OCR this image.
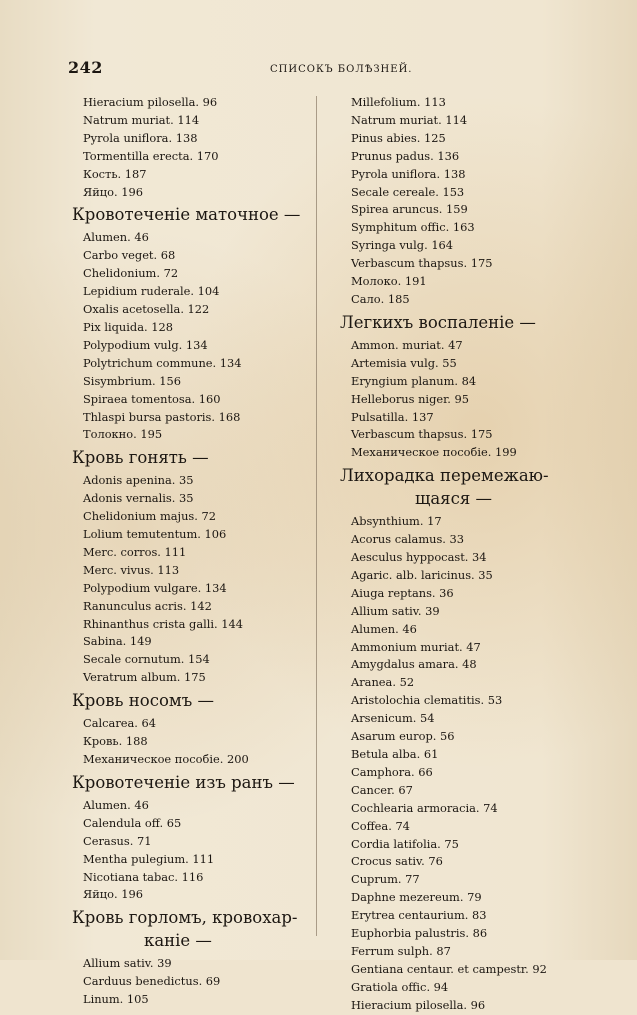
242	СПИСОКЪ БОЛѢЗНЕЙ.
Hieracium pilosella. 96
Natrum muriat. 114
Pyrola uniflora. 138
Tormentilla erecta. 170
Кость. 187
Яйцо. 196
Кровотеченіе маточное —
Alumen. 46
Carbo veget. 68
Chelidonium. 72
Lepidium ruderale. 104
Oxalis acetosella. 122
Pix liquida. 128
Polypodium vulg. 134
Polytrichum commune. 134
Sisymbrium. 156
Spiraea tomentosa. 160
Thlaspi bursa pastoris. 168
Толокно. 195
Кровь гонять —
Adonis apenina. 35
Adonis vernalis. 35
Chelidonium majus. 72
Lolium temutentum. 106
Merc. corros. 111
Merc. vivus. 113
Polypodium vulgare. 134
Ranunculus acris. 142
Rhinanthus crista galli. 144
Sabina. 149
Secale cornutum. 154
Veratrum album. 175
Кровь носомъ —
Calcarea. 64
Кровь. 188
Механическое пособіе. 200
Кровотеченіе изъ ранъ —
Alumen. 46
Calendula off. 65
Cerasus. 71
Mentha pulegium. 111
Nicotiana tabac. 116
Яйцо. 196
Кровь горломъ, кровохар-
каніе —
Allium sativ. 39
Carduus benedictus. 69
Linum. 105
Millefolium. 113
Natrum muriat. 114
Pinus abies. 125
Prunus padus. 136
Pyrola uniflora. 138
Secale cereale. 153
Spirea aruncus. 159
Symphitum offic. 163
Syringa vulg. 164
Verbascum thapsus. 175
Молоко. 191
Сало. 185
Легкихъ воспаленіе —
Ammon. muriat. 47
Artemisia vulg. 55
Eryngium planum. 84
Helleborus niger. 95
Pulsatilla. 137
Verbascum thapsus. 175
Механическое пособіе. 199
Лихорадка перемежаю-
щаяся —
Absynthium. 17
Acorus calamus. 33
Aesculus hyppocast. 34
Agaric. alb. laricinus. 35
Aiuga reptans. 36
Allium sativ. 39
Alumen. 46
Ammonium muriat. 47
Amygdalus amara. 48
Aranea. 52
Aristolochia clematitis. 53
Arsenicum. 54
Asarum europ. 56
Betula alba. 61
Camphora. 66
Cancer. 67
Cochlearia armoracia. 74
Coffea. 74
Cordia latifolia. 75
Crocus sativ. 76
Cuprum. 77
Daphne mezereum. 79
Erytrea centaurium. 83
Euphorbia palustris. 86
Ferrum sulph. 87
Gentiana centaur. et campestr. 92
Gratiola offic. 94
Hieracium pilosella. 96
